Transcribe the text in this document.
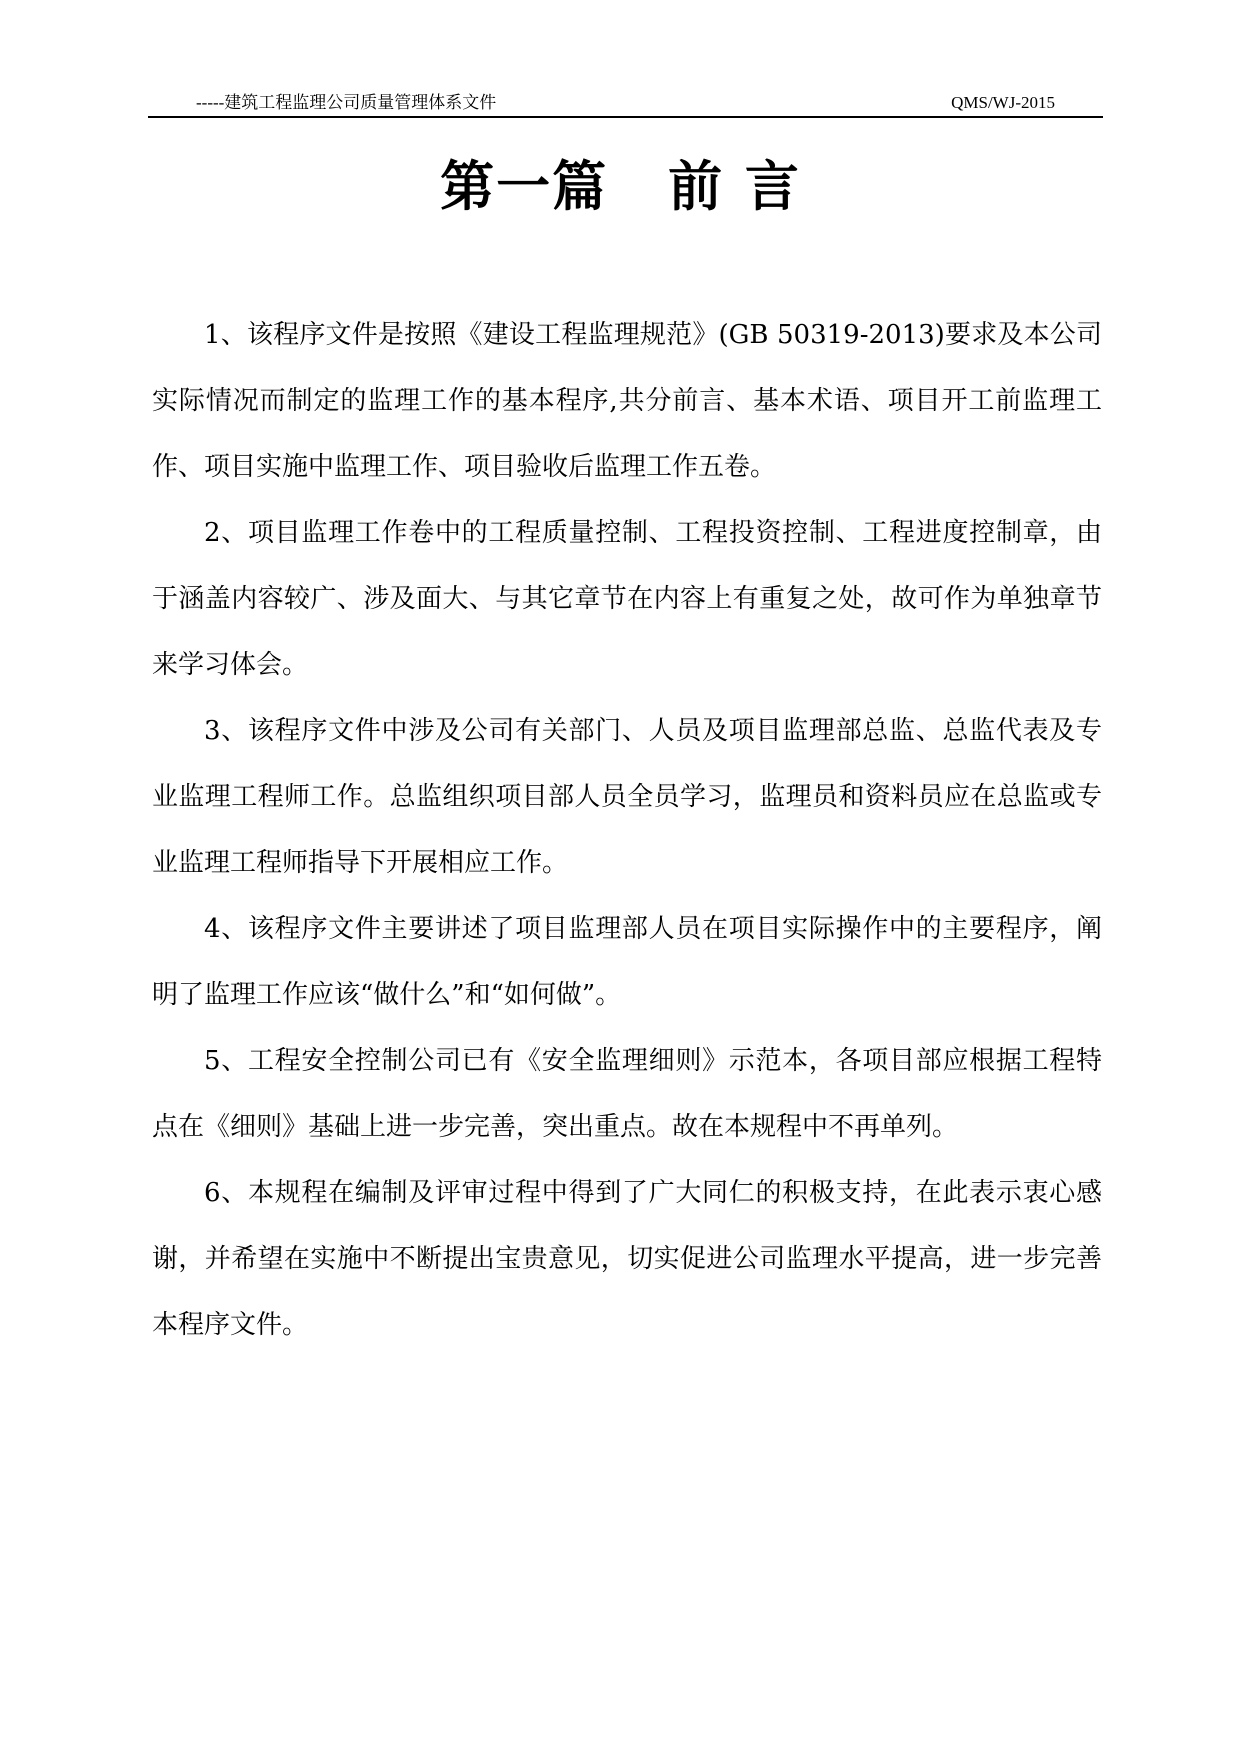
-----建筑工程监理公司质量管理体系文件	QMS/WJ-2015
第一篇 前 言

1、该程序文件是按照《建设工程监理规范》(GB 50319-2013)要求及本公司实际情况而制定的监理工作的基本程序,共分前言、基本术语、项目开工前监理工作、项目实施中监理工作、项目验收后监理工作五卷。

2、项目监理工作卷中的工程质量控制、工程投资控制、工程进度控制章，由于涵盖内容较广、涉及面大、与其它章节在内容上有重复之处，故可作为单独章节来学习体会。

3、该程序文件中涉及公司有关部门、人员及项目监理部总监、总监代表及专业监理工程师工作。总监组织项目部人员全员学习，监理员和资料员应在总监或专业监理工程师指导下开展相应工作。

4、该程序文件主要讲述了项目监理部人员在项目实际操作中的主要程序，阐明了监理工作应该“做什么”和“如何做”。

5、工程安全控制公司已有《安全监理细则》示范本，各项目部应根据工程特点在《细则》基础上进一步完善，突出重点。故在本规程中不再单列。

6、本规程在编制及评审过程中得到了广大同仁的积极支持，在此表示衷心感谢，并希望在实施中不断提出宝贵意见，切实促进公司监理水平提高，进一步完善本程序文件。
